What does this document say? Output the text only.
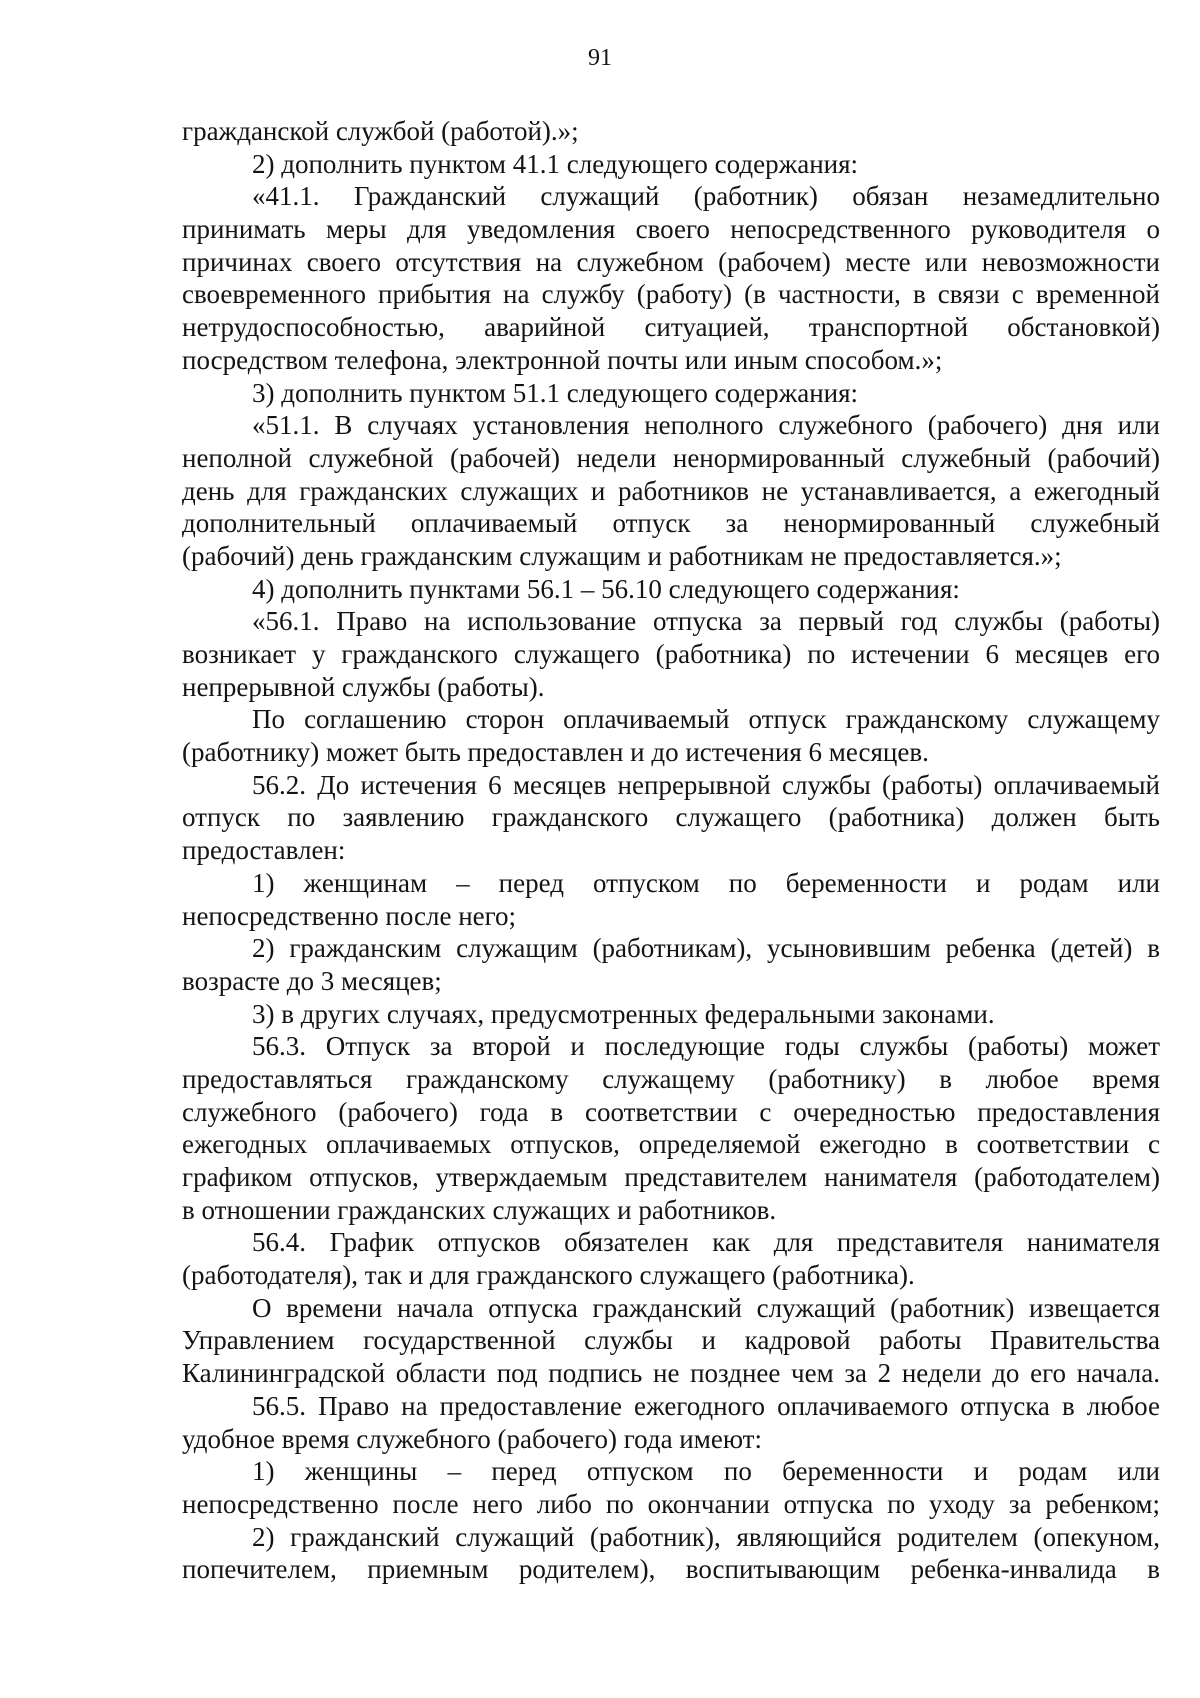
91
гражданской службой (работой).»;
2) дополнить пунктом 41.1 следующего содержания:
«41.1. Гражданский служащий (работник) обязан незамедлительно
принимать меры для уведомления своего непосредственного руководителя о
причинах своего отсутствия на служебном (рабочем) месте или невозможности
своевременного прибытия на службу (работу) (в частности, в связи с временной
нетрудоспособностью, аварийной ситуацией, транспортной обстановкой)
посредством телефона, электронной почты или иным способом.»;
3) дополнить пунктом 51.1 следующего содержания:
«51.1. В случаях установления неполного служебного (рабочего) дня или
неполной служебной (рабочей) недели ненормированный служебный (рабочий)
день для гражданских служащих и работников не устанавливается, а ежегодный
дополнительный оплачиваемый отпуск за ненормированный служебный
(рабочий) день гражданским служащим и работникам не предоставляется.»;
4) дополнить пунктами 56.1 – 56.10 следующего содержания:
«56.1. Право на использование отпуска за первый год службы (работы)
возникает у гражданского служащего (работника) по истечении 6 месяцев его
непрерывной службы (работы).
По соглашению сторон оплачиваемый отпуск гражданскому служащему
(работнику) может быть предоставлен и до истечения 6 месяцев.
56.2. До истечения 6 месяцев непрерывной службы (работы) оплачиваемый
отпуск по заявлению гражданского служащего (работника) должен быть
предоставлен:
1) женщинам – перед отпуском по беременности и родам или
непосредственно после него;
2) гражданским служащим (работникам), усыновившим ребенка (детей) в
возрасте до 3 месяцев;
3) в других случаях, предусмотренных федеральными законами.
56.3. Отпуск за второй и последующие годы службы (работы) может
предоставляться гражданскому служащему (работнику) в любое время
служебного (рабочего) года в соответствии с очередностью предоставления
ежегодных оплачиваемых отпусков, определяемой ежегодно в соответствии с
графиком отпусков, утверждаемым представителем нанимателя (работодателем)
в отношении гражданских служащих и работников.
56.4. График отпусков обязателен как для представителя нанимателя
(работодателя), так и для гражданского служащего (работника).
О времени начала отпуска гражданский служащий (работник) извещается
Управлением государственной службы и кадровой работы Правительства
Калининградской области под подпись не позднее чем за 2 недели до его начала.
56.5. Право на предоставление ежегодного оплачиваемого отпуска в любое
удобное время служебного (рабочего) года имеют:
1) женщины – перед отпуском по беременности и родам или
непосредственно после него либо по окончании отпуска по уходу за ребенком;
2) гражданский служащий (работник), являющийся родителем (опекуном,
попечителем, приемным родителем), воспитывающим ребенка-инвалида в
